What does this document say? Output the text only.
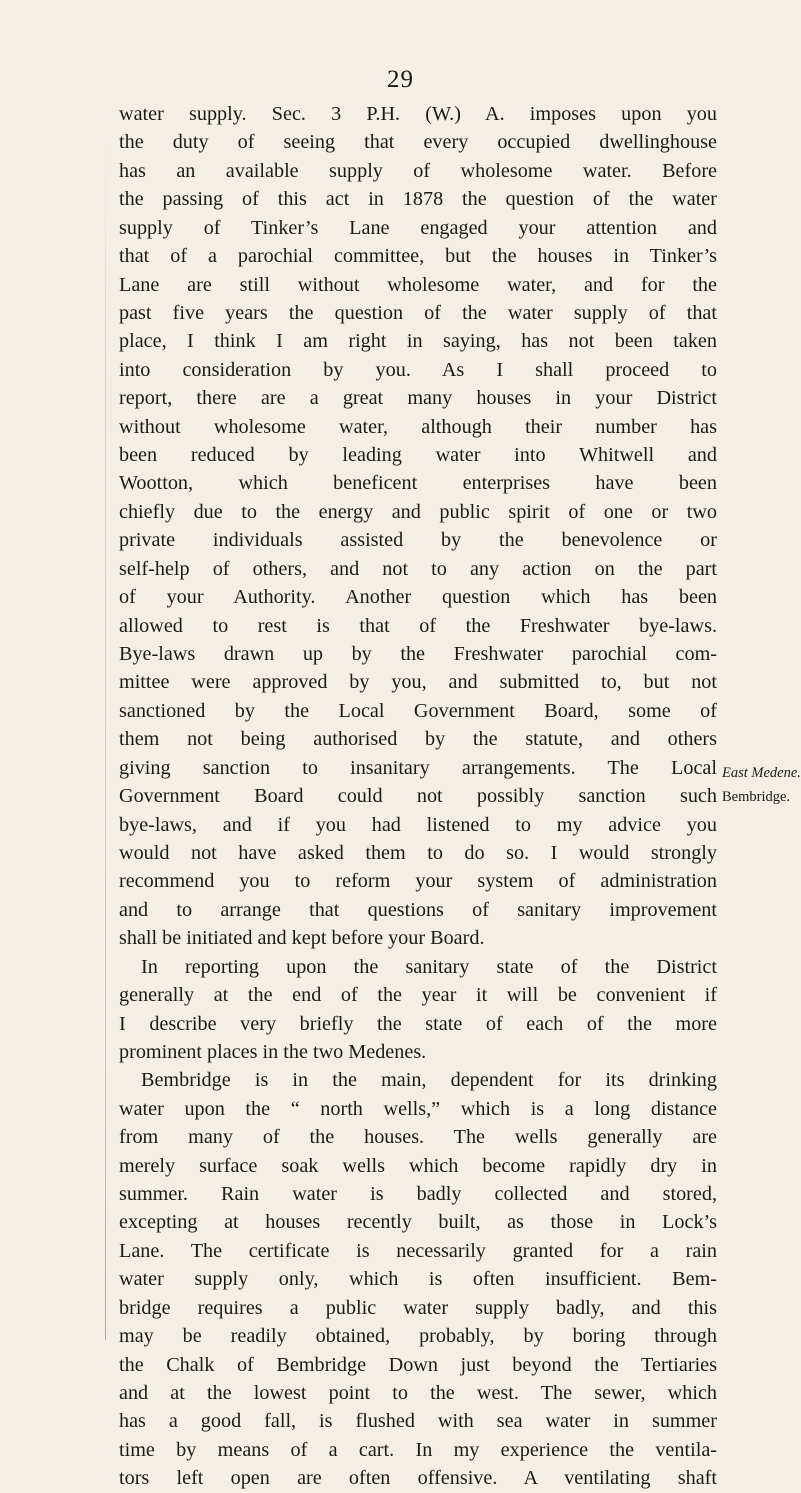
29
water supply. Sec. 3 P.H. (W.) A. imposes upon you
the duty of seeing that every occupied dwellinghouse
has an available supply of wholesome water. Before
the passing of this act in 1878 the question of the water
supply of Tinker’s Lane engaged your attention and
that of a parochial committee, but the houses in Tinker’s
Lane are still without wholesome water, and for the
past five years the question of the water supply of that
place, I think I am right in saying, has not been taken
into consideration by you. As I shall proceed to
report, there are a great many houses in your District
without wholesome water, although their number has
been reduced by leading water into Whitwell and
Wootton, which beneficent enterprises have been
chiefly due to the energy and public spirit of one or two
private individuals assisted by the benevolence or
self-help of others, and not to any action on the part
of your Authority. Another question which has been
allowed to rest is that of the Freshwater bye-laws.
Bye-laws drawn up by the Freshwater parochial com-
mittee were approved by you, and submitted to, but not
sanctioned by the Local Government Board, some of
them not being authorised by the statute, and others
giving sanction to insanitary arrangements. The Local
Government Board could not possibly sanction such
bye-laws, and if you had listened to my advice you
would not have asked them to do so. I would strongly
recommend you to reform your system of administration
and to arrange that questions of sanitary improvement
shall be initiated and kept before your Board.
In reporting upon the sanitary state of the District
generally at the end of the year it will be convenient if
I describe very briefly the state of each of the more
prominent places in the two Medenes.
Bembridge is in the main, dependent for its drinking
water upon the “ north wells,” which is a long distance
from many of the houses. The wells generally are
merely surface soak wells which become rapidly dry in
summer. Rain water is badly collected and stored,
excepting at houses recently built, as those in Lock’s
Lane. The certificate is necessarily granted for a rain
water supply only, which is often insufficient. Bem-
bridge requires a public water supply badly, and this
may be readily obtained, probably, by boring through
the Chalk of Bembridge Down just beyond the Tertiaries
and at the lowest point to the west. The sewer, which
has a good fall, is flushed with sea water in summer
time by means of a cart. In my experience the ventila-
tors left open are often offensive. A ventilating shaft
East Medene.
Bembridge.
